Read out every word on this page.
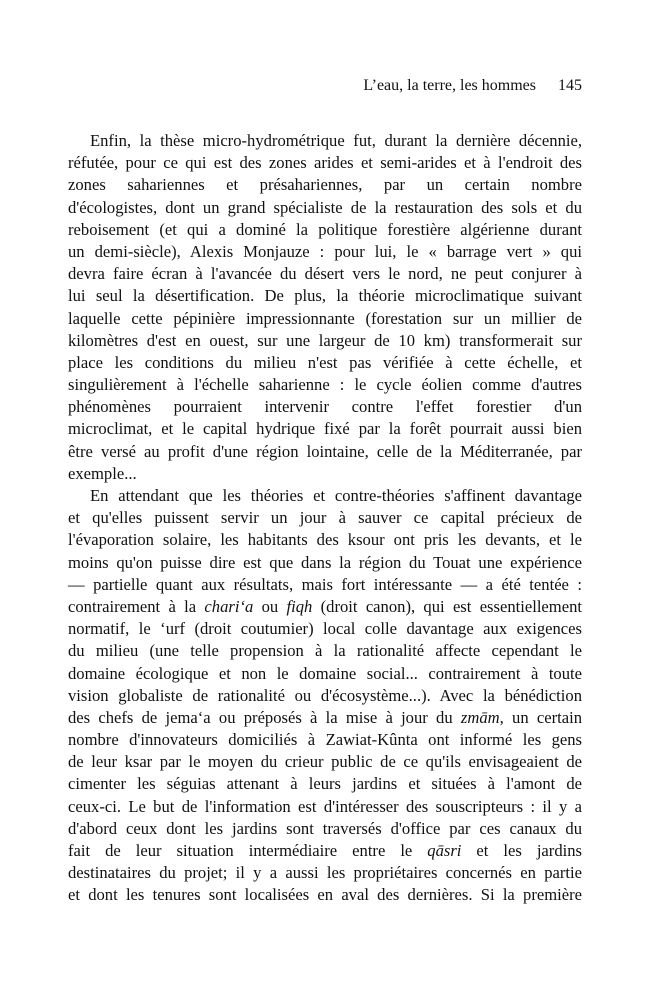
L’eau, la terre, les hommes 145
Enfin, la thèse micro-hydrométrique fut, durant la dernière décennie,
réfutée, pour ce qui est des zones arides et semi-arides et à l'endroit des
zones sahariennes et présahariennes, par un certain nombre
d'écologistes, dont un grand spécialiste de la restauration des sols et du
reboisement (et qui a dominé la politique forestière algérienne durant
un demi-siècle), Alexis Monjauze : pour lui, le « barrage vert » qui
devra faire écran à l'avancée du désert vers le nord, ne peut conjurer à
lui seul la désertification. De plus, la théorie microclimatique suivant
laquelle cette pépinière impressionnante (forestation sur un millier de
kilomètres d'est en ouest, sur une largeur de 10 km) transformerait sur
place les conditions du milieu n'est pas vérifiée à cette échelle, et
singulièrement à l'échelle saharienne : le cycle éolien comme d'autres
phénomènes pourraient intervenir contre l'effet forestier d'un
microclimat, et le capital hydrique fixé par la forêt pourrait aussi bien
être versé au profit d'une région lointaine, celle de la Méditerranée, par
exemple...
En attendant que les théories et contre-théories s'affinent davantage
et qu'elles puissent servir un jour à sauver ce capital précieux de
l'évaporation solaire, les habitants des ksour ont pris les devants, et le
moins qu'on puisse dire est que dans la région du Touat une expérience
— partielle quant aux résultats, mais fort intéressante — a été tentée :
contrairement à la chari‘a ou fiqh (droit canon), qui est essentiellement
normatif, le ‘urf (droit coutumier) local colle davantage aux exigences
du milieu (une telle propension à la rationalité affecte cependant le
domaine écologique et non le domaine social... contrairement à toute
vision globaliste de rationalité ou d'écosystème...). Avec la bénédiction
des chefs de jema‘a ou préposés à la mise à jour du zmām, un certain
nombre d'innovateurs domiciliés à Zawiat-Kûnta ont informé les gens
de leur ksar par le moyen du crieur public de ce qu'ils envisageaient de
cimenter les séguias attenant à leurs jardins et situées à l'amont de
ceux-ci. Le but de l'information est d'intéresser des souscripteurs : il y a
d'abord ceux dont les jardins sont traversés d'office par ces canaux du
fait de leur situation intermédiaire entre le qāsri et les jardins
destinataires du projet; il y a aussi les propriétaires concernés en partie
et dont les tenures sont localisées en aval des dernières. Si la première
